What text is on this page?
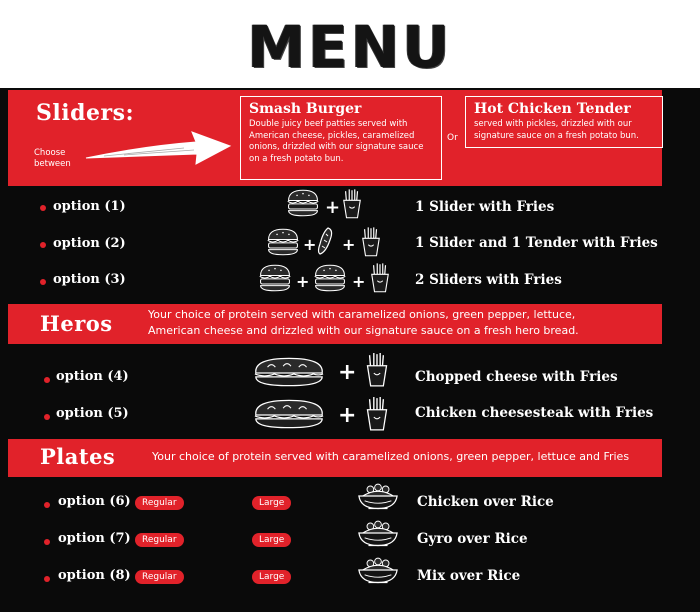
MENU
Sliders:
Choose between
Smash Burger
Double juicy beef patties served with American cheese, pickles, caramelized onions, drizzled with our signature sauce on a fresh potato bun.
Or
Hot Chicken Tender
served with pickles, drizzled with our signature sauce on a fresh potato bun.
option (1)	+	1 Slider with Fries
option (2)	+ +	1 Slider and 1 Tender with Fries
option (3)	+	+	2 Sliders with Fries
Heros	Your choice of protein served with caramelized onions, green pepper, lettuce,
American cheese and drizzled with our signature sauce on a fresh hero bread.
option (4)	+	Chopped cheese with Fries
option (5)	+	Chicken cheesesteak with Fries
Plates	Your choice of protein served with caramelized onions, green pepper, lettuce and Fries
option (6)	Regular	Large	Chicken over Rice
option (7)	Regular	Large	Gyro over Rice
option (8)	Regular	Large	Mix over Rice
